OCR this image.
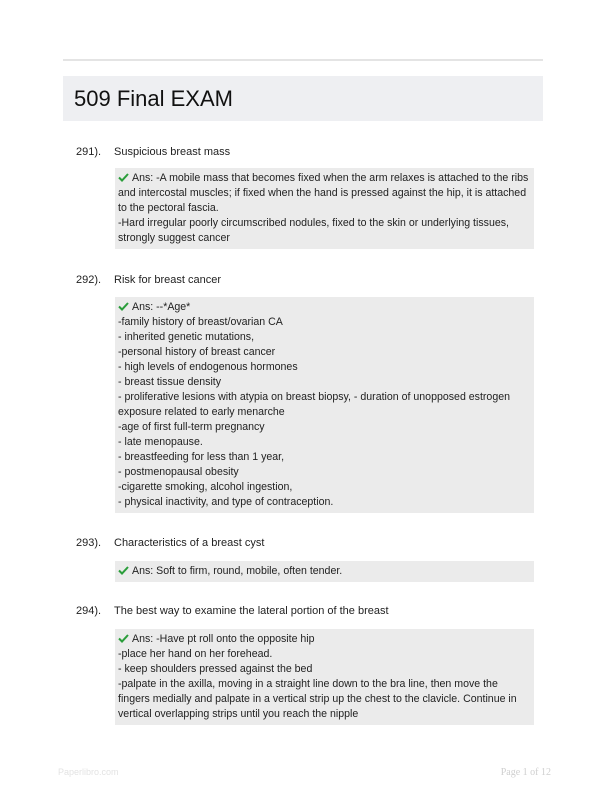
509 Final EXAM
291). Suspicious breast mass
Ans: -A mobile mass that becomes fixed when the arm relaxes is attached to the ribs
and intercostal muscles; if fixed when the hand is pressed against the hip, it is attached
to the pectoral fascia.
-Hard irregular poorly circumscribed nodules, fixed to the skin or underlying tissues,
strongly suggest cancer
292). Risk for breast cancer
Ans: --*Age*
-family history of breast/ovarian CA
- inherited genetic mutations,
-personal history of breast cancer
- high levels of endogenous hormones
- breast tissue density
- proliferative lesions with atypia on breast biopsy, - duration of unopposed estrogen
exposure related to early menarche
-age of first full-term pregnancy
- late menopause.
- breastfeeding for less than 1 year,
- postmenopausal obesity
-cigarette smoking, alcohol ingestion,
- physical inactivity, and type of contraception.
293). Characteristics of a breast cyst
Ans: Soft to firm, round, mobile, often tender.
294). The best way to examine the lateral portion of the breast
Ans: -Have pt roll onto the opposite hip
-place her hand on her forehead.
- keep shoulders pressed against the bed
-palpate in the axilla, moving in a straight line down to the bra line, then move the
fingers medially and palpate in a vertical strip up the chest to the clavicle. Continue in
vertical overlapping strips until you reach the nipple
Paperlibro.com	Page 1 of 12
